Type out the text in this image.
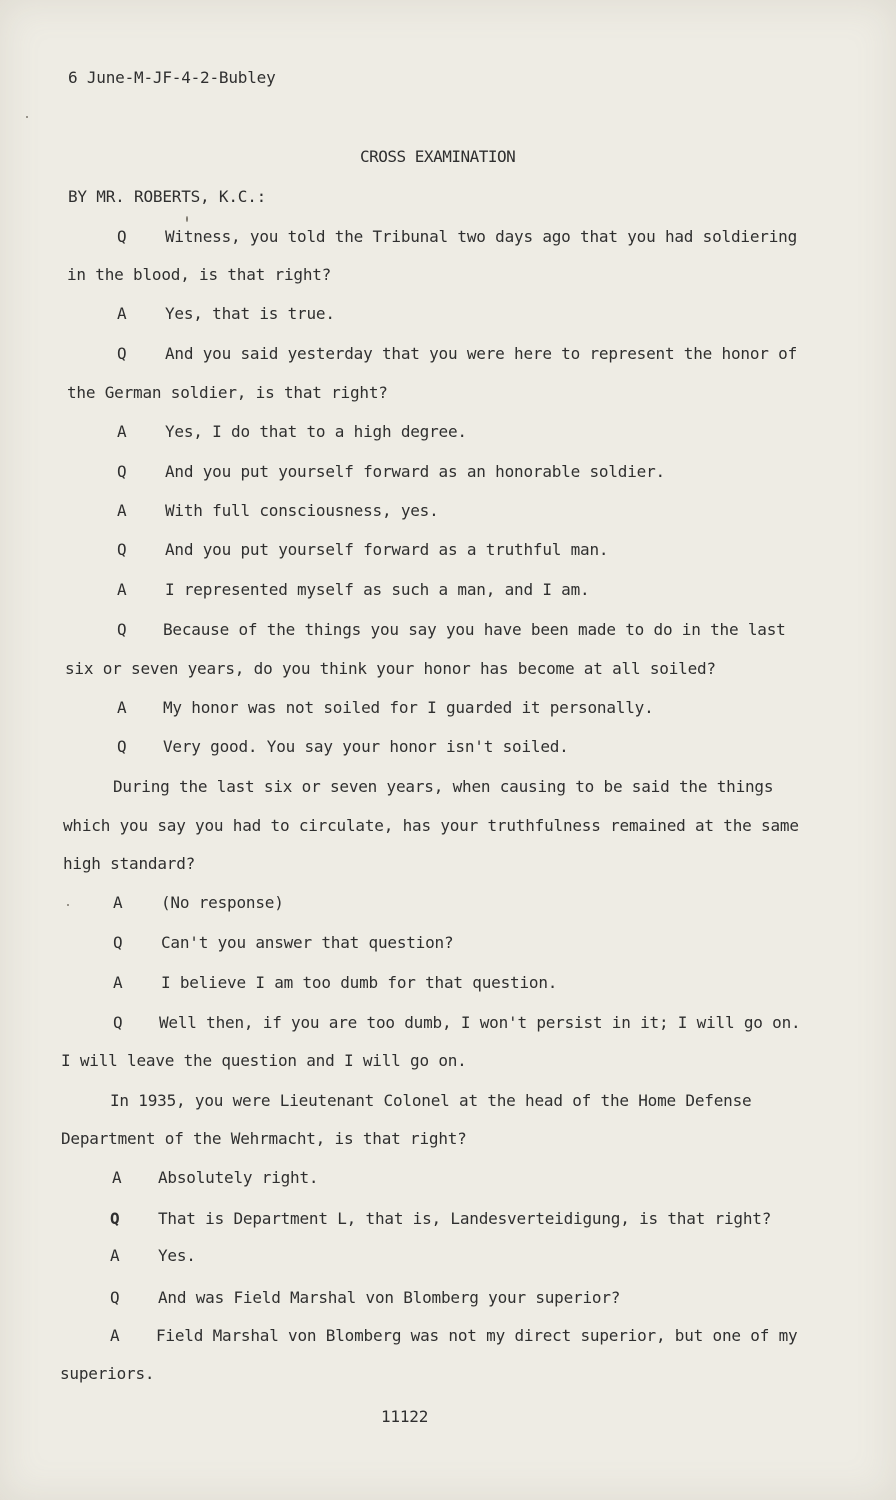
6 June-M-JF-4-2-Bubley
CROSS EXAMINATION
BY MR. ROBERTS, K.C.:
Q Witness, you told the Tribunal two days ago that you had soldiering
in the blood, is that right?
A Yes, that is true.
Q And you said yesterday that you were here to represent the honor of
the German soldier, is that right?
A Yes, I do that to a high degree.
Q And you put yourself forward as an honorable soldier.
A With full consciousness, yes.
Q And you put yourself forward as a truthful man.
A I represented myself as such a man, and I am.
Q Because of the things you say you have been made to do in the last
six or seven years, do you think your honor has become at all soiled?
A My honor was not soiled for I guarded it personally.
Q Very good. You say your honor isn't soiled.
During the last six or seven years, when causing to be said the things
which you say you had to circulate, has your truthfulness remained at the same
high standard?
A (No response)
Q Can't you answer that question?
A I believe I am too dumb for that question.
Q Well then, if you are too dumb, I won't persist in it; I will go on.
I will leave the question and I will go on.
In 1935, you were Lieutenant Colonel at the head of the Home Defense
Department of the Wehrmacht, is that right?
A Absolutely right.
Q That is Department L, that is, Landesverteidigung, is that right?
A Yes.
Q And was Field Marshal von Blomberg your superior?
A Field Marshal von Blomberg was not my direct superior, but one of my
superiors.
11122
